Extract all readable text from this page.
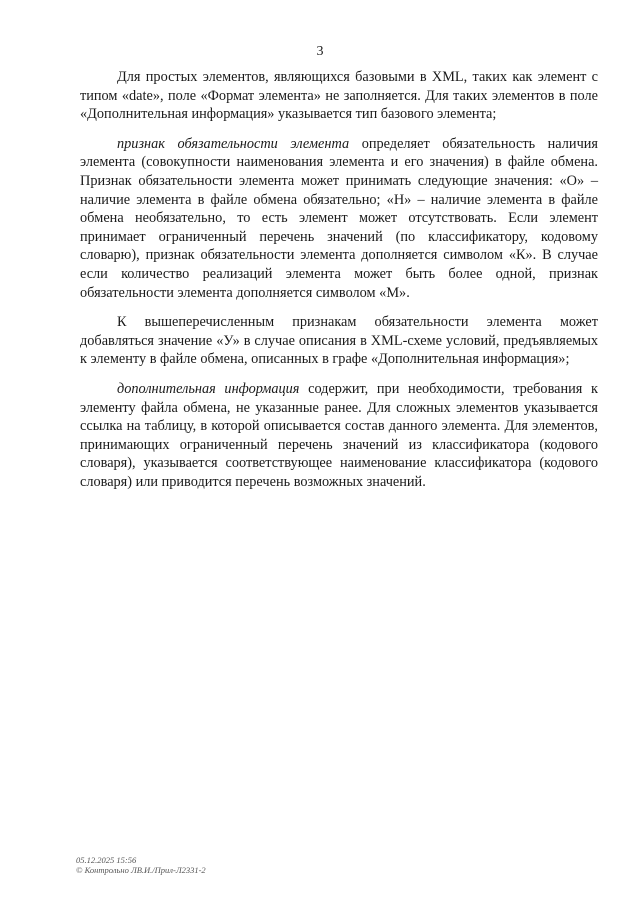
3

Для простых элементов, являющихся базовыми в XML, таких как элемент с типом «date», поле «Формат элемента» не заполняется. Для таких элементов в поле «Дополнительная информация» указывается тип базового элемента;

признак обязательности элемента определяет обязательность наличия элемента (совокупности наименования элемента и его значения) в файле обмена. Признак обязательности элемента может принимать следующие значения: «О» – наличие элемента в файле обмена обязательно; «Н» – наличие элемента в файле обмена необязательно, то есть элемент может отсутствовать. Если элемент принимает ограниченный перечень значений (по классификатору, кодовому словарю), признак обязательности элемента дополняется символом «К». В случае если количество реализаций элемента может быть более одной, признак обязательности элемента дополняется символом «М».

К вышеперечисленным признакам обязательности элемента может добавляться значение «У» в случае описания в XML-схеме условий, предъявляемых к элементу в файле обмена, описанных в графе «Дополнительная информация»;

дополнительная информация содержит, при необходимости, требования к элементу файла обмена, не указанные ранее. Для сложных элементов указывается ссылка на таблицу, в которой описывается состав данного элемента. Для элементов, принимающих ограниченный перечень значений из классификатора (кодового словаря), указывается соответствующее наименование классификатора (кодового словаря) или приводится перечень возможных значений.

05.12.2025 15:56
© Контрольно ЛВ.И./Прил-Л2331-2
